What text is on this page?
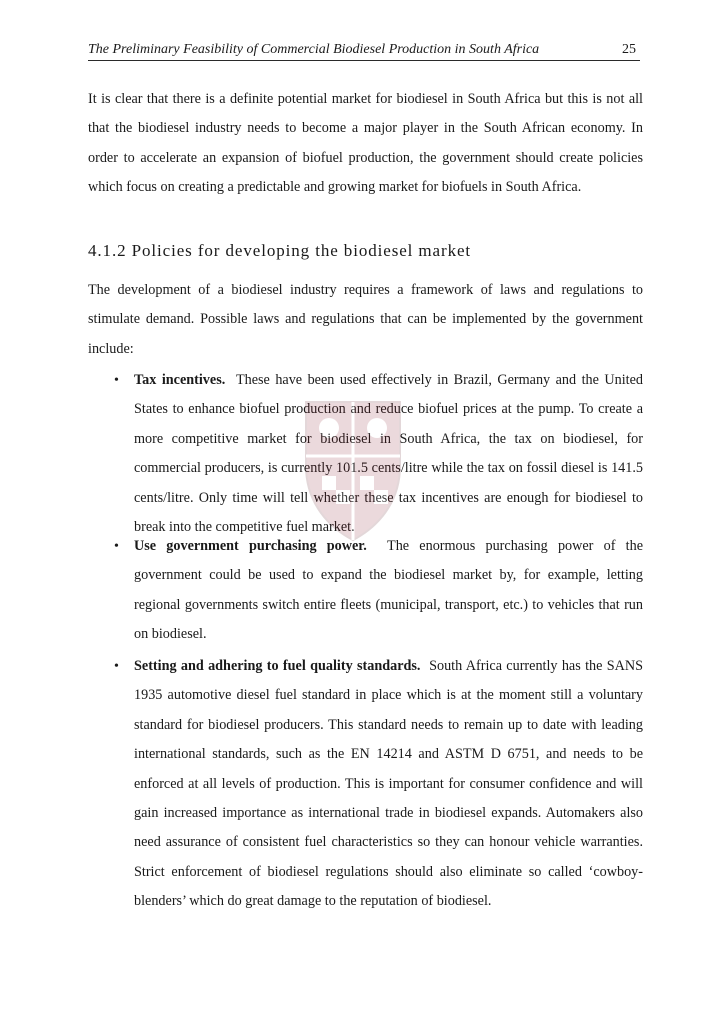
The Preliminary Feasibility of Commercial Biodiesel Production in South Africa	25

It is clear that there is a definite potential market for biodiesel in South Africa but this is not all that the biodiesel industry needs to become a major player in the South African economy. In order to accelerate an expansion of biofuel production, the government should create policies which focus on creating a predictable and growing market for biofuels in South Africa.

4.1.2 Policies for developing the biodiesel market

The development of a biodiesel industry requires a framework of laws and regulations to stimulate demand. Possible laws and regulations that can be implemented by the government include:

• Tax incentives. These have been used effectively in Brazil, Germany and the United States to enhance biofuel production and reduce biofuel prices at the pump. To create a more competitive market for biodiesel in South Africa, the tax on biodiesel, for commercial producers, is currently 101.5 cents/litre while the tax on fossil diesel is 141.5 cents/litre. Only time will tell whether these tax incentives are enough for biodiesel to break into the competitive fuel market.
• Use government purchasing power. The enormous purchasing power of the government could be used to expand the biodiesel market by, for example, letting regional governments switch entire fleets (municipal, transport, etc.) to vehicles that run on biodiesel.
• Setting and adhering to fuel quality standards. South Africa currently has the SANS 1935 automotive diesel fuel standard in place which is at the moment still a voluntary standard for biodiesel producers. This standard needs to remain up to date with leading international standards, such as the EN 14214 and ASTM D 6751, and needs to be enforced at all levels of production. This is important for consumer confidence and will gain increased importance as international trade in biodiesel expands. Automakers also need assurance of consistent fuel characteristics so they can honour vehicle warranties. Strict enforcement of biodiesel regulations should also eliminate so called ‘cowboy-blenders’ which do great damage to the reputation of biodiesel.
